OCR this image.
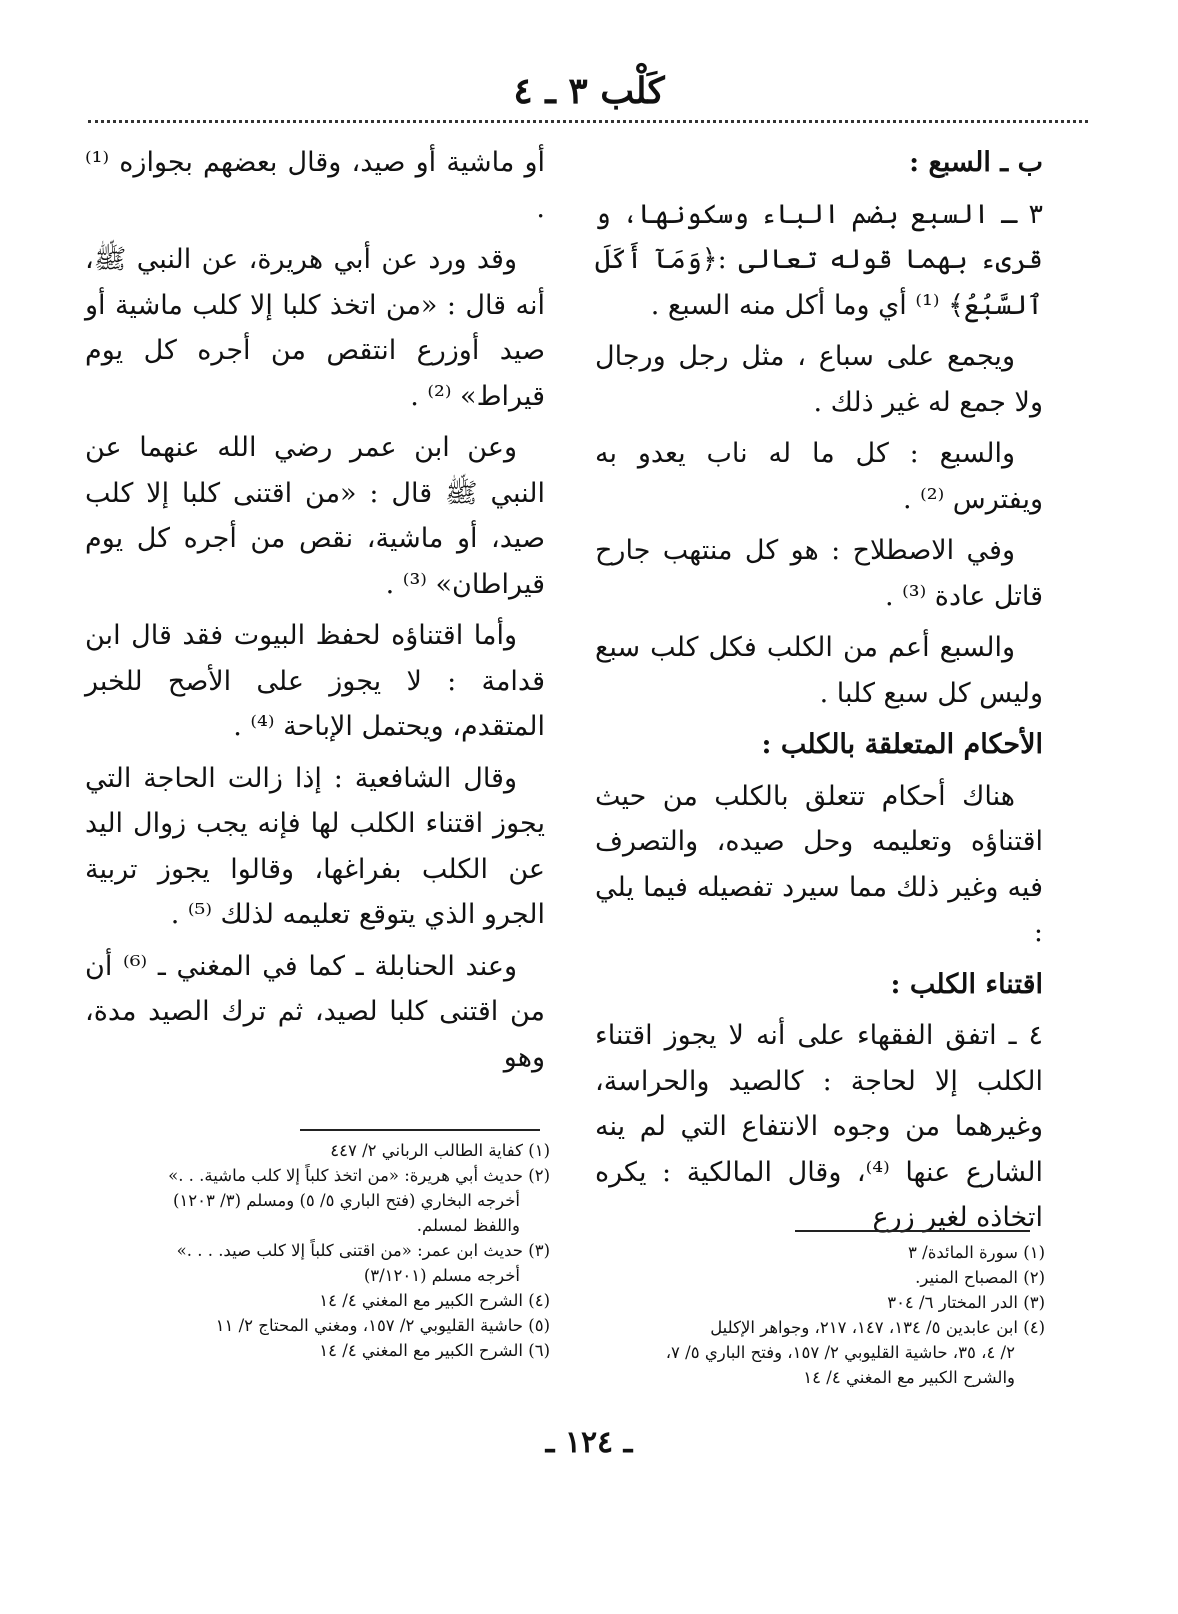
كَلْب ٣ ـ ٤

ب ـ السبع :

٣ ـ السبع بضم الباء وسكونها، و قرىء بهما قوله تعالى :﴿وَمَآ أَكَلَ ٱلسَّبُعُ﴾ ⁽¹⁾ أي وما أكل منه السبع .

ويجمع على سباع ، مثل رجل ورجال ولا جمع له غير ذلك .

والسبع : كل ما له ناب يعدو به ويفترس ⁽²⁾ .

وفي الاصطلاح : هو كل منتهب جارح قاتل عادة ⁽³⁾ .

والسبع أعم من الكلب فكل كلب سبع وليس كل سبع كلبا .

الأحكام المتعلقة بالكلب :

هناك أحكام تتعلق بالكلب من حيث اقتناؤه وتعليمه وحل صيده، والتصرف فيه وغير ذلك مما سيرد تفصيله فيما يلي :

اقتناء الكلب :

٤ ـ اتفق الفقهاء على أنه لا يجوز اقتناء الكلب إلا لحاجة : كالصيد والحراسة، وغيرهما من وجوه الانتفاع التي لم ينه الشارع عنها ⁽⁴⁾، وقال المالكية : يكره اتخاذه لغير زرع

أو ماشية أو صيد، وقال بعضهم بجوازه ⁽¹⁾ .

وقد ورد عن أبي هريرة، عن النبي ﷺ، أنه قال : «من اتخذ كلبا إلا كلب ماشية أو صيد أوزرع انتقص من أجره كل يوم قيراط» ⁽²⁾ .

وعن ابن عمر رضي الله عنهما عن النبي ﷺ قال : «من اقتنى كلبا إلا كلب صيد، أو ماشية، نقص من أجره كل يوم قيراطان» ⁽³⁾ .

وأما اقتناؤه لحفظ البيوت فقد قال ابن قدامة : لا يجوز على الأصح للخبر المتقدم، ويحتمل الإباحة ⁽⁴⁾ .

وقال الشافعية : إذا زالت الحاجة التي يجوز اقتناء الكلب لها فإنه يجب زوال اليد عن الكلب بفراغها، وقالوا يجوز تربية الجرو الذي يتوقع تعليمه لذلك ⁽⁵⁾ .

وعند الحنابلة ـ كما في المغني ـ ⁽⁶⁾ أن من اقتنى كلبا لصيد، ثم ترك الصيد مدة، وهو

(١) سورة المائدة/ ٣

(٢) المصباح المنير.

(٣) الدر المختار ٦/ ٣٠٤

(٤) ابن عابدين ٥/ ١٣٤، ١٤٧، ٢١٧، وجواهر الإكليل

٢/ ٤، ٣٥، حاشية القليوبي ٢/ ١٥٧، وفتح الباري ٥/ ٧،

والشرح الكبير مع المغني ٤/ ١٤

(١) كفاية الطالب الرباني ٢/ ٤٤٧

(٢) حديث أبي هريرة: «من اتخذ كلباً إلا كلب ماشية. . .»

أخرجه البخاري (فتح الباري ٥/ ٥) ومسلم (٣/ ١٢٠٣)

واللفظ لمسلم.

(٣) حديث ابن عمر: «من اقتنى كلباً إلا كلب صيد. . . .»

أخرجه مسلم (٣/١٢٠١)

(٤) الشرح الكبير مع المغني ٤/ ١٤

(٥) حاشية القليوبي ٢/ ١٥٧، ومغني المحتاج ٢/ ١١

(٦) الشرح الكبير مع المغني ٤/ ١٤

ـ ١٢٤ ـ
